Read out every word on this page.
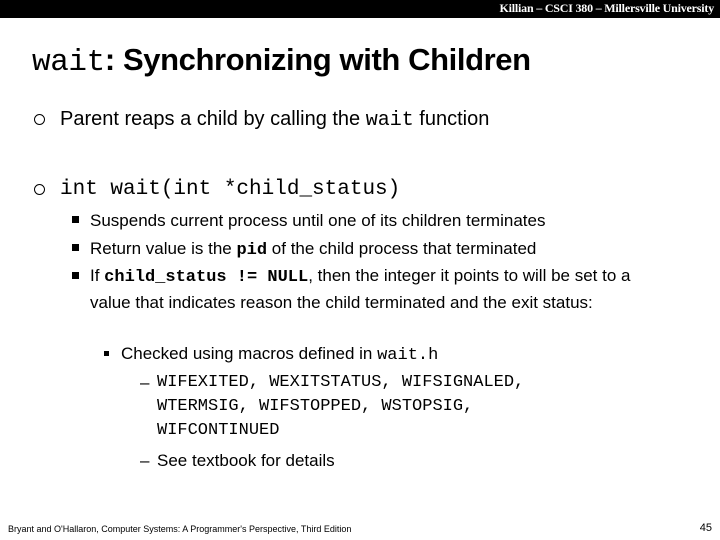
Killian – CSCI 380 – Millersville University
wait: Synchronizing with Children
Parent reaps a child by calling the wait function
int wait(int *child_status)
Suspends current process until one of its children terminates
Return value is the pid of the child process that terminated
If child_status != NULL, then the integer it points to will be set to a value that indicates reason the child terminated and the exit status:
Checked using macros defined in wait.h
– WIFEXITED, WEXITSTATUS, WIFSIGNALED, WTERMSIG, WIFSTOPPED, WSTOPSIG, WIFCONTINUED
– See textbook for details
Bryant and O'Hallaron, Computer Systems: A Programmer's Perspective, Third Edition	45
